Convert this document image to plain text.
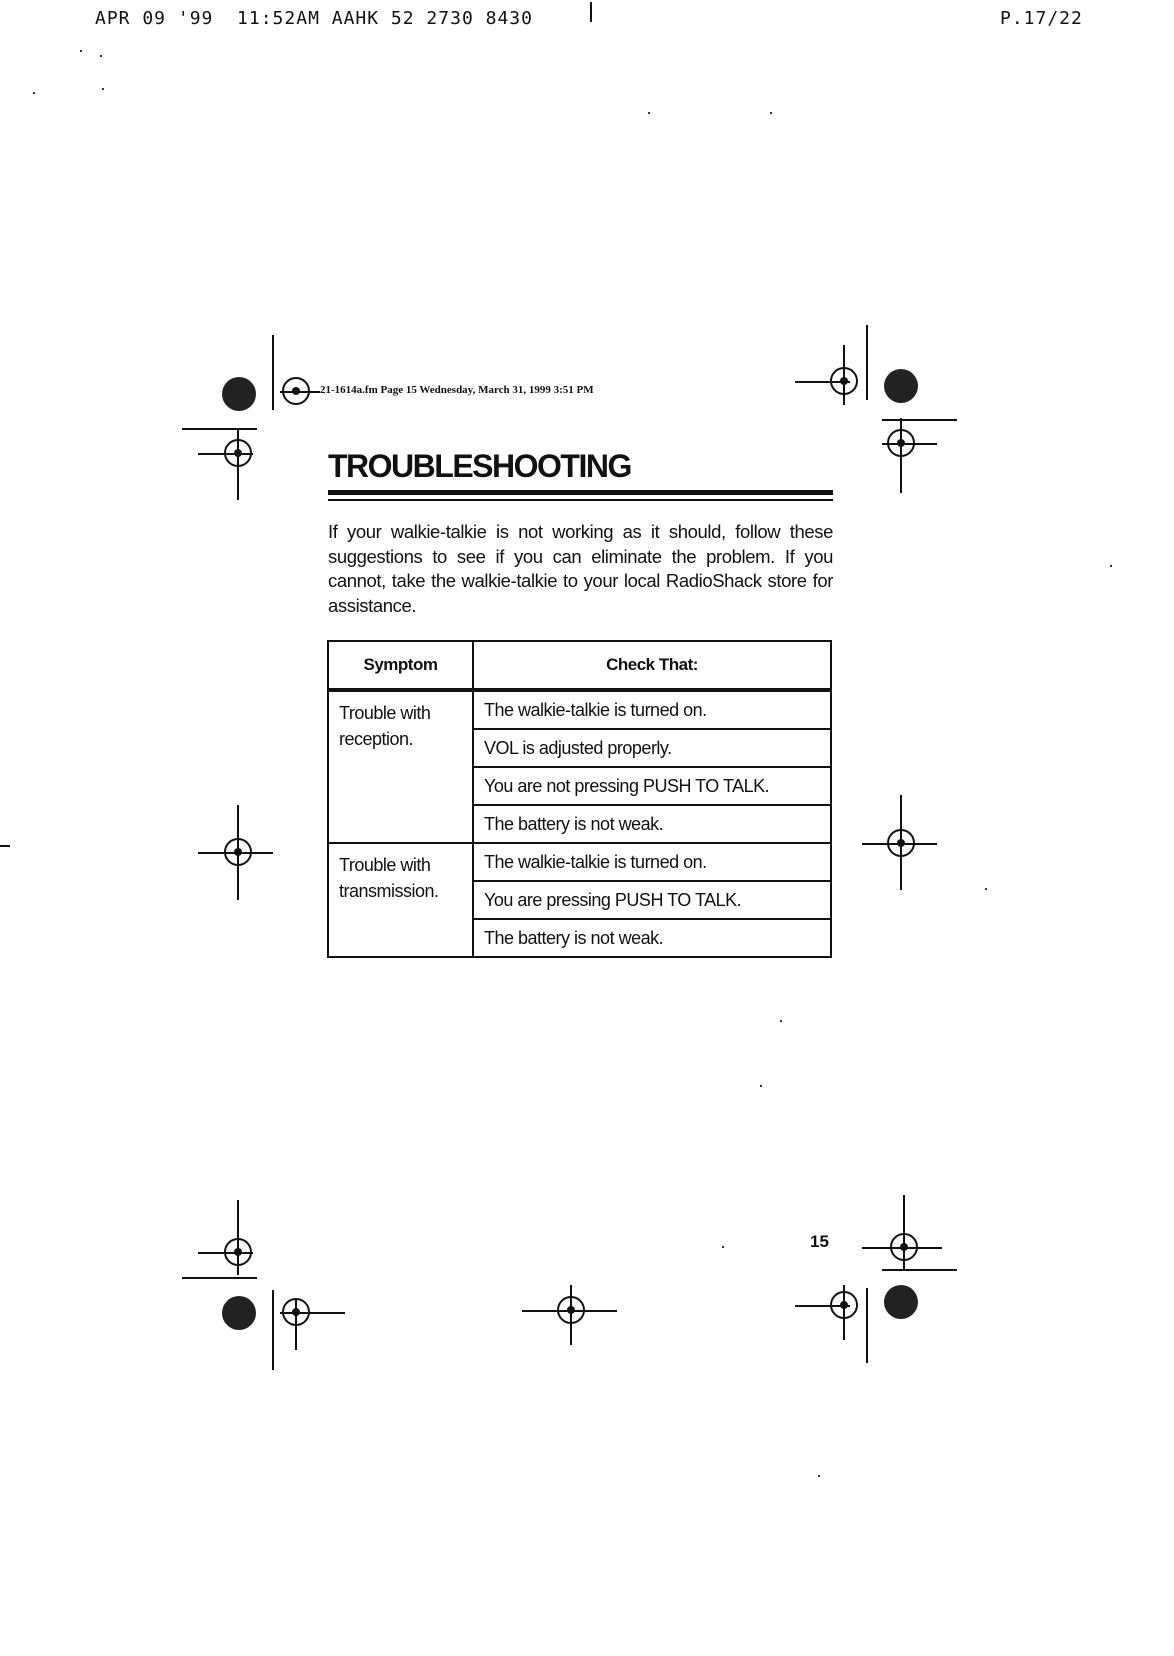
APR 09 '99  11:52AM AAHK 52 2730 8430	P.17/22
21-1614a.fm Page 15 Wednesday, March 31, 1999 3:51 PM
TROUBLESHOOTING
If your walkie-talkie is not working as it should, follow these suggestions to see if you can eliminate the problem. If you cannot, take the walkie-talkie to your local RadioShack store for assistance.
Symptom	Check That:
Trouble with reception.	The walkie-talkie is turned on.
	VOL is adjusted properly.
	You are not pressing PUSH TO TALK.
	The battery is not weak.
Trouble with transmission.	The walkie-talkie is turned on.
	You are pressing PUSH TO TALK.
	The battery is not weak.
15
